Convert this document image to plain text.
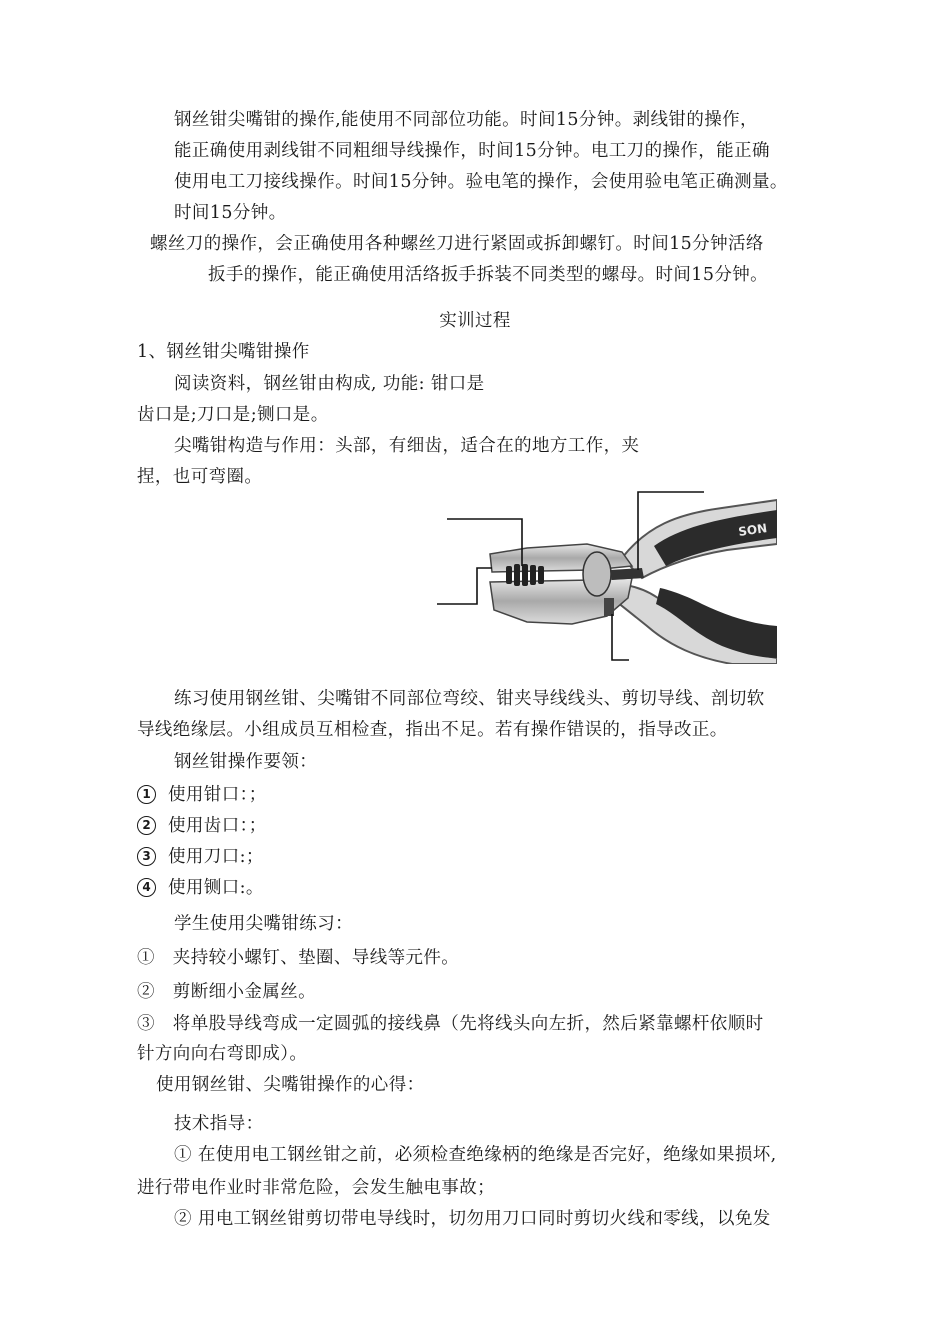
钢丝钳尖嘴钳的操作,能使用不同部位功能。时间15分钟。剥线钳的操作，
能正确使用剥线钳不同粗细导线操作，时间15分钟。电工刀的操作，能正确
使用电工刀接线操作。时间15分钟。验电笔的操作，会使用验电笔正确测量。
时间15分钟。
螺丝刀的操作，会正确使用各种螺丝刀进行紧固或拆卸螺钉。时间15分钟活络
扳手的操作，能正确使用活络扳手拆装不同类型的螺母。时间15分钟。
实训过程
1、钢丝钳尖嘴钳操作
阅读资料，钢丝钳由构成, 功能: 钳口是
齿口是;刀口是;铡口是。
尖嘴钳构造与作用：头部，有细齿，适合在的地方工作，夹
捏，也可弯圈。
SON
练习使用钢丝钳、尖嘴钳不同部位弯绞、钳夹导线线头、剪切导线、剖切软
导线绝缘层。小组成员互相检查，指出不足。若有操作错误的，指导改正。
钢丝钳操作要领：
1 使用钳口：；
2 使用齿口：；
3 使用刀口:；
4 使用铡口:。
学生使用尖嘴钳练习：
① 夹持较小螺钉、垫圈、导线等元件。
② 剪断细小金属丝。
③ 将单股导线弯成一定圆弧的接线鼻（先将线头向左折，然后紧靠螺杆依顺时
针方向向右弯即成）。
使用钢丝钳、尖嘴钳操作的心得：
技术指导：
① 在使用电工钢丝钳之前，必须检查绝缘柄的绝缘是否完好，绝缘如果损坏,
进行带电作业时非常危险，会发生触电事故；
② 用电工钢丝钳剪切带电导线时，切勿用刀口同时剪切火线和零线，以免发
